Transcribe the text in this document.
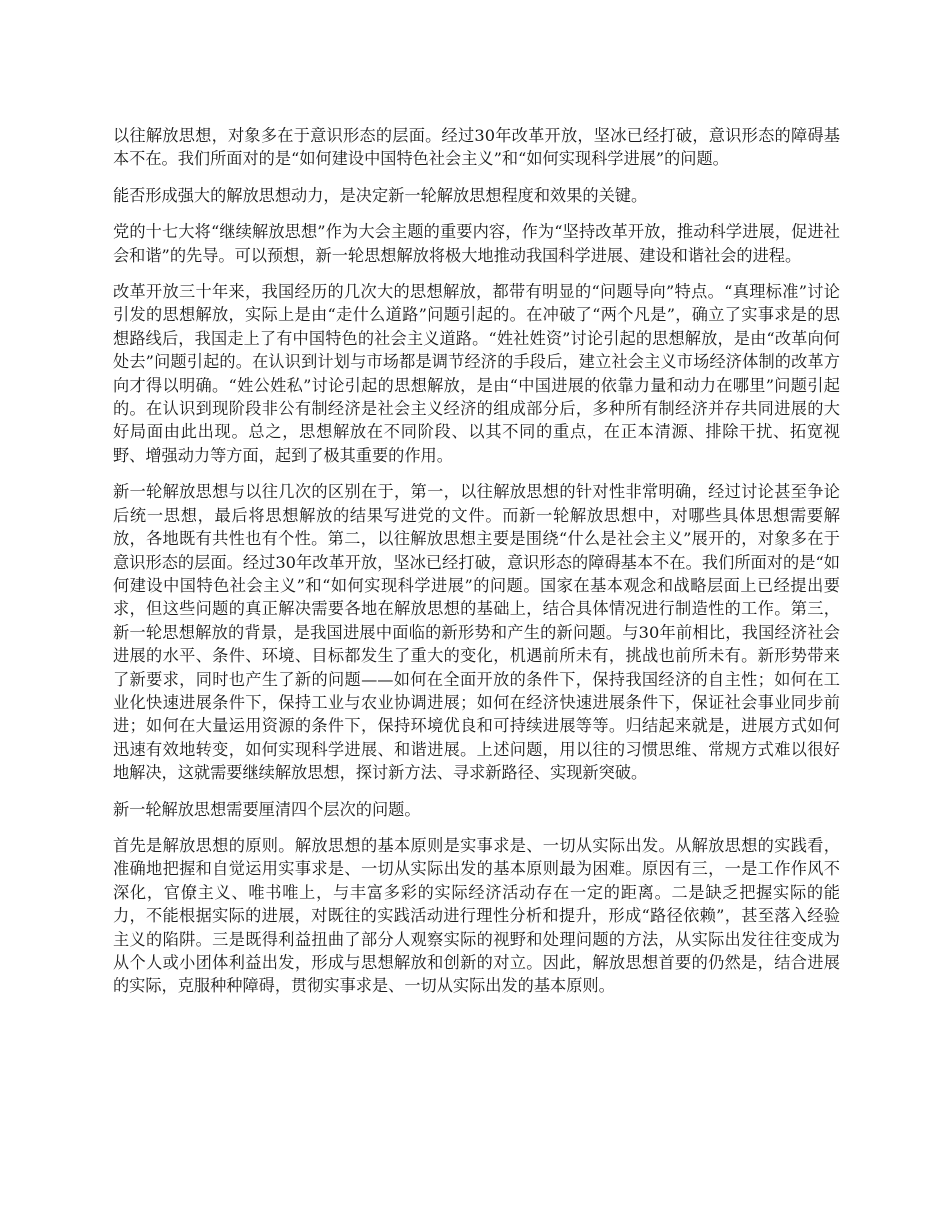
以往解放思想，对象多在于意识形态的层面。经过30年改革开放，坚冰已经打破，意识形态的障碍基本不在。我们所面对的是“如何建设中国特色社会主义”和“如何实现科学进展”的问题。

能否形成强大的解放思想动力，是决定新一轮解放思想程度和效果的关键。

党的十七大将“继续解放思想”作为大会主题的重要内容，作为“坚持改革开放，推动科学进展，促进社会和谐”的先导。可以预想，新一轮思想解放将极大地推动我国科学进展、建设和谐社会的进程。

改革开放三十年来，我国经历的几次大的思想解放，都带有明显的“问题导向”特点。“真理标准”讨论引发的思想解放，实际上是由“走什么道路”问题引起的。在冲破了“两个凡是”，确立了实事求是的思想路线后，我国走上了有中国特色的社会主义道路。“姓社姓资”讨论引起的思想解放，是由“改革向何处去”问题引起的。在认识到计划与市场都是调节经济的手段后，建立社会主义市场经济体制的改革方向才得以明确。“姓公姓私”讨论引起的思想解放，是由“中国进展的依靠力量和动力在哪里”问题引起的。在认识到现阶段非公有制经济是社会主义经济的组成部分后，多种所有制经济并存共同进展的大好局面由此出现。总之，思想解放在不同阶段、以其不同的重点，在正本清源、排除干扰、拓宽视野、增强动力等方面，起到了极其重要的作用。

新一轮解放思想与以往几次的区别在于，第一，以往解放思想的针对性非常明确，经过讨论甚至争论后统一思想，最后将思想解放的结果写进党的文件。而新一轮解放思想中，对哪些具体思想需要解放，各地既有共性也有个性。第二，以往解放思想主要是围绕“什么是社会主义”展开的，对象多在于意识形态的层面。经过30年改革开放，坚冰已经打破，意识形态的障碍基本不在。我们所面对的是“如何建设中国特色社会主义”和“如何实现科学进展”的问题。国家在基本观念和战略层面上已经提出要求，但这些问题的真正解决需要各地在解放思想的基础上，结合具体情况进行制造性的工作。第三，新一轮思想解放的背景，是我国进展中面临的新形势和产生的新问题。与30年前相比，我国经济社会进展的水平、条件、环境、目标都发生了重大的变化，机遇前所未有，挑战也前所未有。新形势带来了新要求，同时也产生了新的问题——如何在全面开放的条件下，保持我国经济的自主性；如何在工业化快速进展条件下，保持工业与农业协调进展；如何在经济快速进展条件下，保证社会事业同步前进；如何在大量运用资源的条件下，保持环境优良和可持续进展等等。归结起来就是，进展方式如何迅速有效地转变，如何实现科学进展、和谐进展。上述问题，用以往的习惯思维、常规方式难以很好地解决，这就需要继续解放思想，探讨新方法、寻求新路径、实现新突破。

新一轮解放思想需要厘清四个层次的问题。

首先是解放思想的原则。解放思想的基本原则是实事求是、一切从实际出发。从解放思想的实践看，准确地把握和自觉运用实事求是、一切从实际出发的基本原则最为困难。原因有三，一是工作作风不深化，官僚主义、唯书唯上，与丰富多彩的实际经济活动存在一定的距离。二是缺乏把握实际的能力，不能根据实际的进展，对既往的实践活动进行理性分析和提升，形成“路径依赖”，甚至落入经验主义的陷阱。三是既得利益扭曲了部分人观察实际的视野和处理问题的方法，从实际出发往往变成为从个人或小团体利益出发，形成与思想解放和创新的对立。因此，解放思想首要的仍然是，结合进展的实际，克服种种障碍，贯彻实事求是、一切从实际出发的基本原则。
